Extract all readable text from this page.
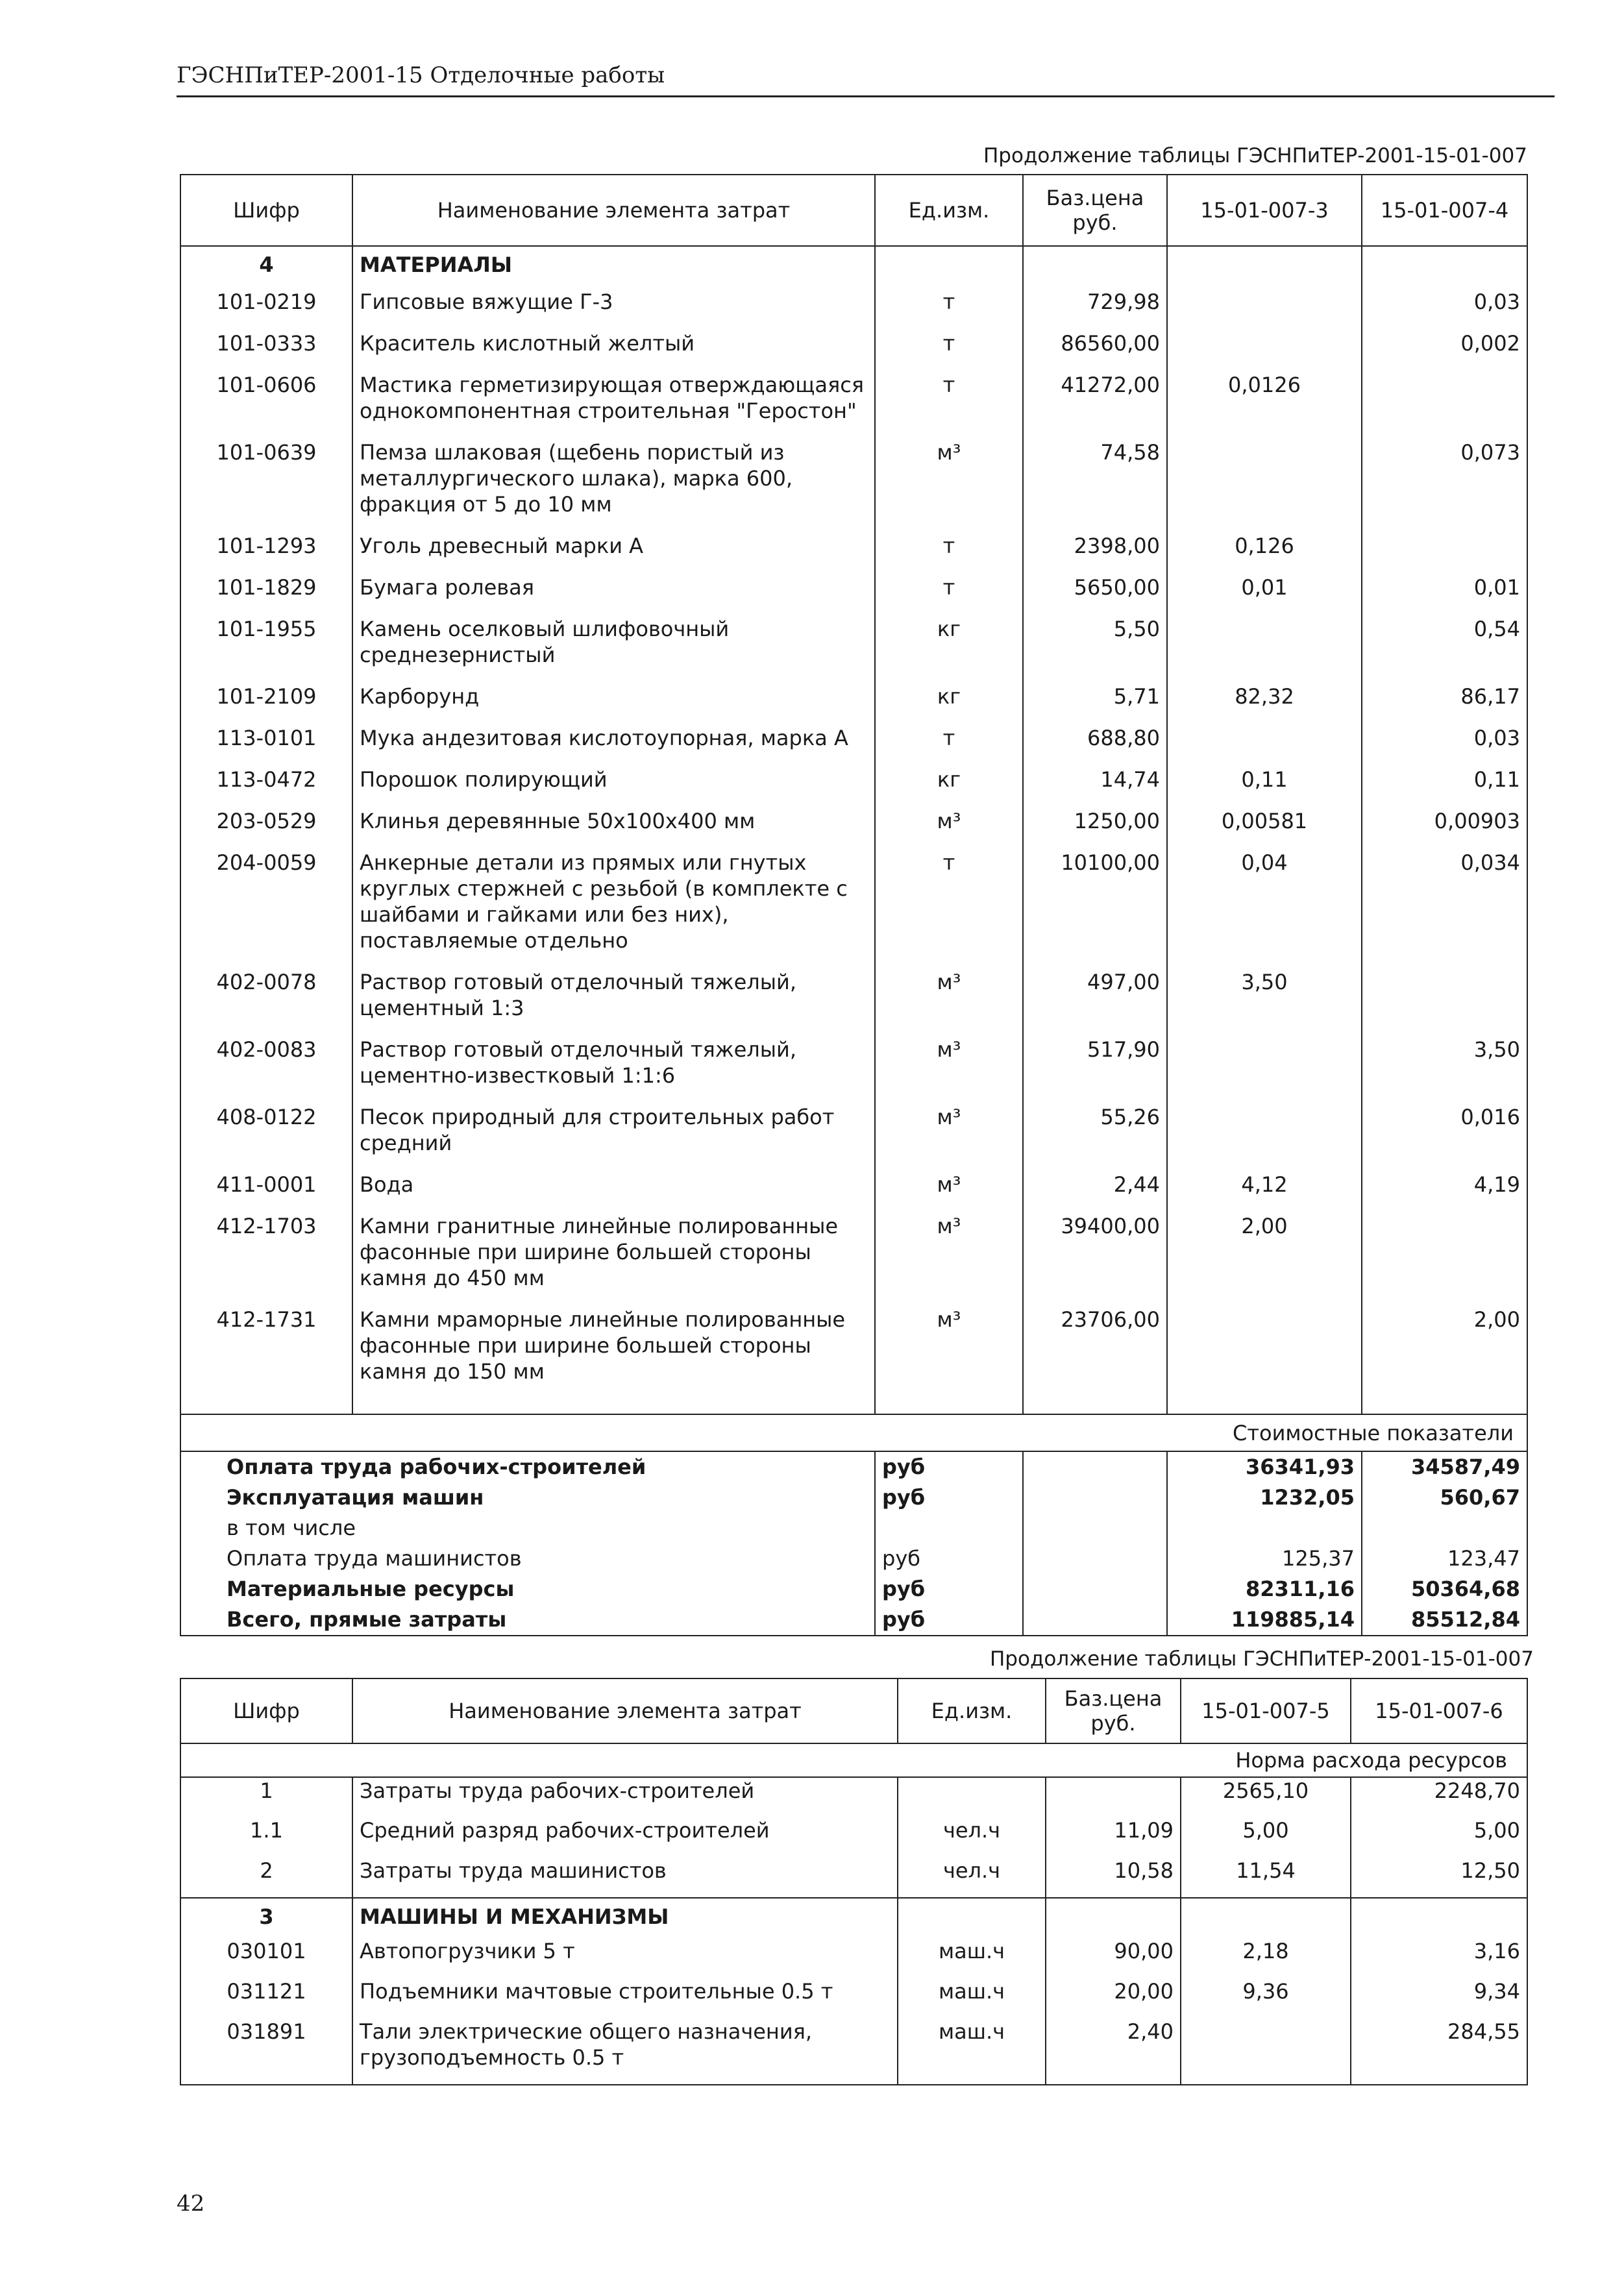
ГЭСНПиТЕР-2001-15 Отделочные работы
Продолжение таблицы ГЭСНПиТЕР-2001-15-01-007
Шифр	Наименование элемента затрат	Ед.изм.	Баз.цена руб.	15-01-007-3	15-01-007-4
4	МАТЕРИАЛЫ				
101-0219	Гипсовые вяжущие Г-3	т	729,98		0,03
101-0333	Краситель кислотный желтый	т	86560,00		0,002
101-0606	Мастика герметизирующая отверждающаяся однокомпонентная строительная "Геростон"	т	41272,00	0,0126	
101-0639	Пемза шлаковая (щебень пористый из металлургического шлака), марка 600, фракция от 5 до 10 мм	м³	74,58		0,073
101-1293	Уголь древесный марки А	т	2398,00	0,126	
101-1829	Бумага ролевая	т	5650,00	0,01	0,01
101-1955	Камень оселковый шлифовочный среднезернистый	кг	5,50		0,54
101-2109	Карборунд	кг	5,71	82,32	86,17
113-0101	Мука андезитовая кислотоупорная, марка А	т	688,80		0,03
113-0472	Порошок полирующий	кг	14,74	0,11	0,11
203-0529	Клинья деревянные 50х100х400 мм	м³	1250,00	0,00581	0,00903
204-0059	Анкерные детали из прямых или гнутых круглых стержней с резьбой (в комплекте с шайбами и гайками или без них), поставляемые отдельно	т	10100,00	0,04	0,034
402-0078	Раствор готовый отделочный тяжелый, цементный 1:3	м³	497,00	3,50	
402-0083	Раствор готовый отделочный тяжелый, цементно-известковый 1:1:6	м³	517,90		3,50
408-0122	Песок природный для строительных работ средний	м³	55,26		0,016
411-0001	Вода	м³	2,44	4,12	4,19
412-1703	Камни гранитные линейные полированные фасонные при ширине большей стороны камня до 450 мм	м³	39400,00	2,00	
412-1731	Камни мраморные линейные полированные фасонные при ширине большей стороны камня до 150 мм	м³	23706,00		2,00

Стоимостные показатели					
Оплата труда рабочих-строителей		руб		36341,93	34587,49
Эксплуатация машин		руб		1232,05	560,67
в том числе					
Оплата труда машинистов		руб		125,37	123,47
Материальные ресурсы		руб		82311,16	50364,68
Всего, прямые затраты		руб		119885,14	85512,84
Продолжение таблицы ГЭСНПиТЕР-2001-15-01-007
Шифр	Наименование элемента затрат	Ед.изм.	Баз.цена руб.	15-01-007-5	15-01-007-6
Норма расхода ресурсов					
1	Затраты труда рабочих-строителей			2565,10	2248,70
1.1	Средний разряд рабочих-строителей	чел.ч	11,09	5,00	5,00
2	Затраты труда машинистов	чел.ч	10,58	11,54	12,50
3	МАШИНЫ И МЕХАНИЗМЫ				
030101	Автопогрузчики 5 т	маш.ч	90,00	2,18	3,16
031121	Подъемники мачтовые строительные 0.5 т	маш.ч	20,00	9,36	9,34
031891	Тали электрические общего назначения, грузоподъемность 0.5 т	маш.ч	2,40		284,55
42
